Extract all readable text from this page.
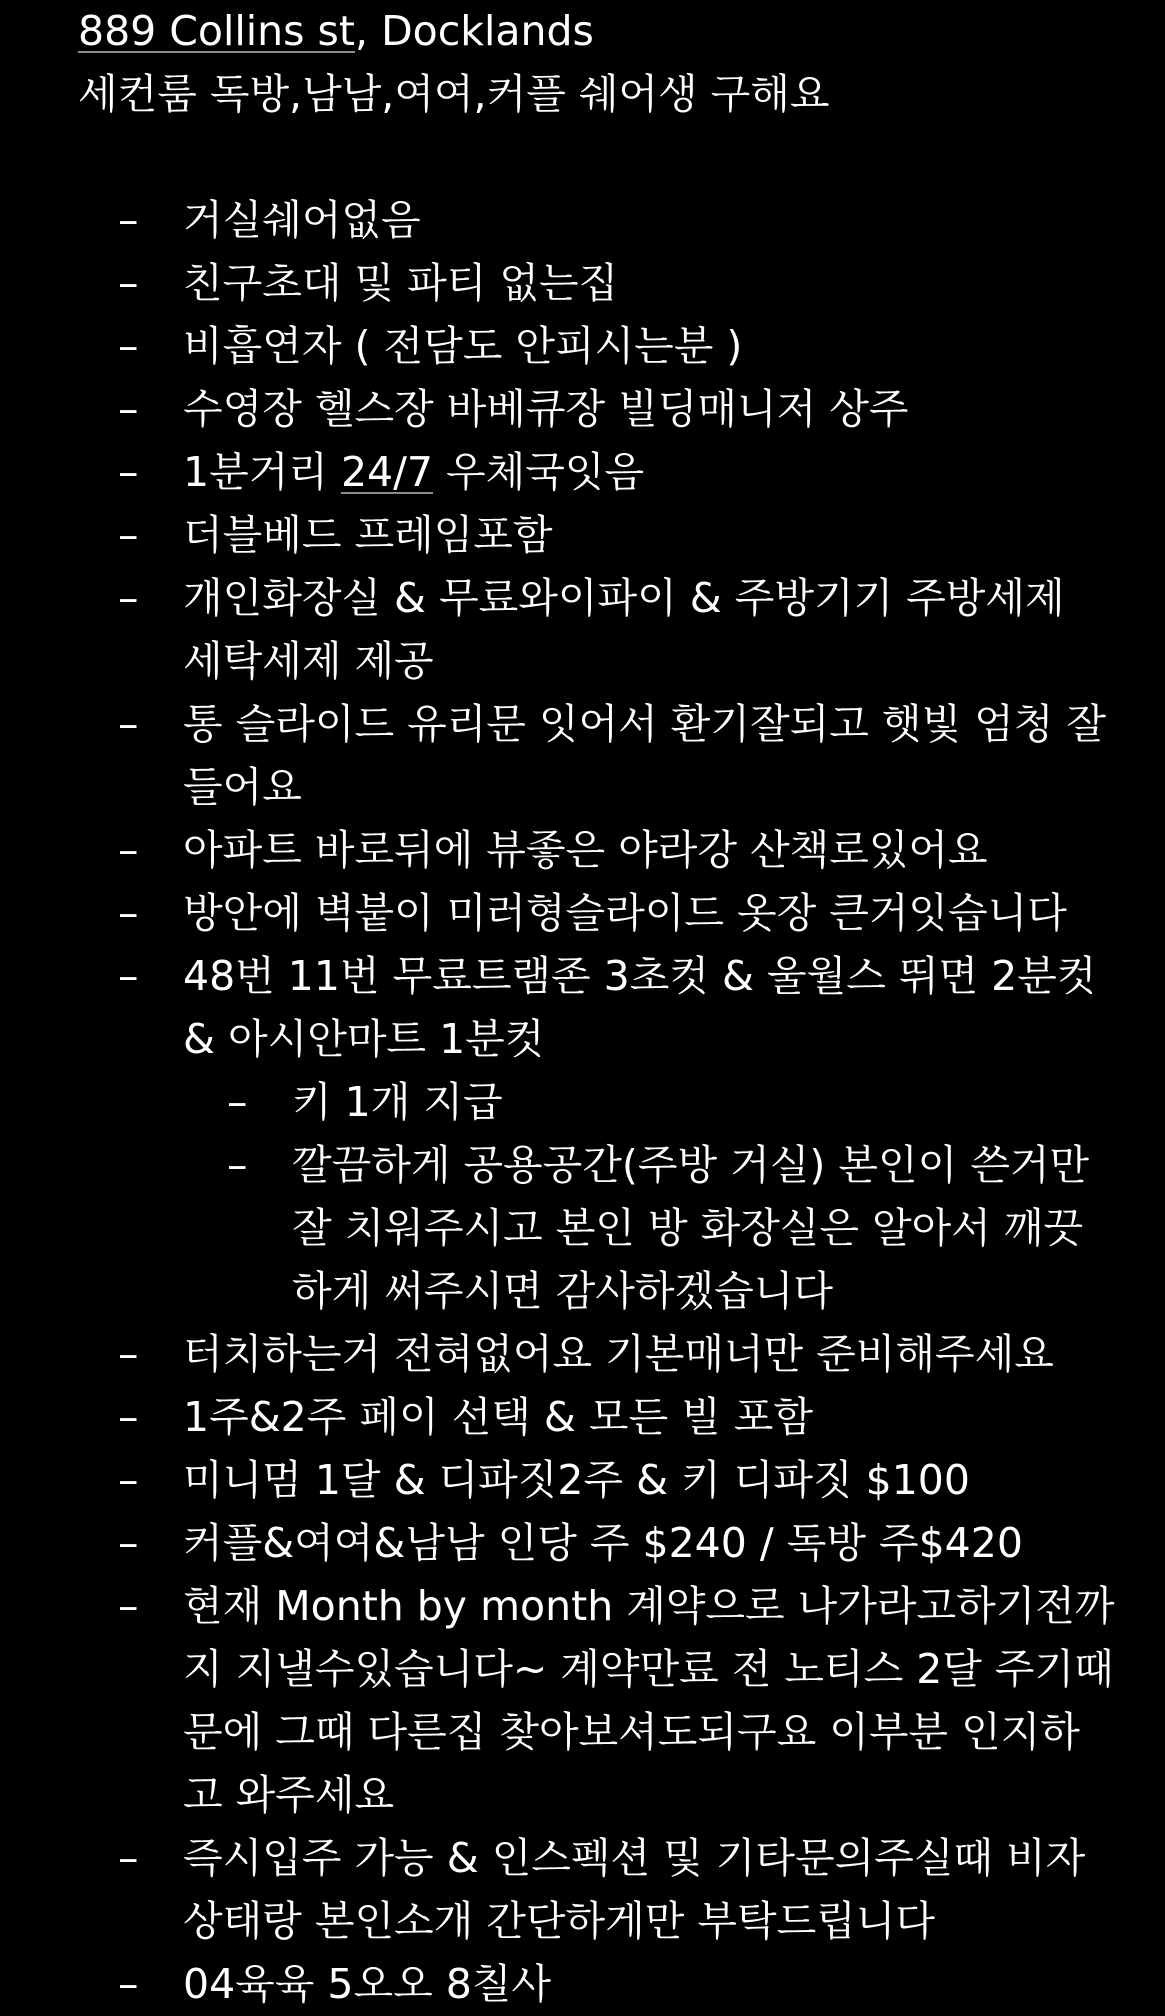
889 Collins st, Docklands

세컨룸 독방,남남,여여,커플 쉐어생 구해요

– 거실쉐어없음
– 친구초대 및 파티 없는집
– 비흡연자 ( 전담도 안피시는분 )
– 수영장 헬스장 바베큐장 빌딩매니저 상주
– 1분거리 24/7 우체국잇음
– 더블베드 프레임포함
– 개인화장실 & 무료와이파이 & 주방기기 주방세제 세탁세제 제공
– 통 슬라이드 유리문 잇어서 환기잘되고 햇빛 엄청 잘들어요
– 아파트 바로뒤에 뷰좋은 야라강 산책로있어요
– 방안에 벽붙이 미러형슬라이드 옷장 큰거잇습니다
– 48번 11번 무료트램존 3초컷 & 울월스 뛰면 2분컷 & 아시안마트 1분컷
– 키 1개 지급
– 깔끔하게 공용공간(주방 거실) 본인이 쓴거만 잘 치워주시고 본인 방 화장실은 알아서 깨끗하게 써주시면 감사하겠습니다
– 터치하는거 전혀없어요 기본매너만 준비해주세요
– 1주&2주 페이 선택 & 모든 빌 포함
– 미니멈 1달 & 디파짓2주 & 키 디파짓 $100
– 커플&여여&남남 인당 주 $240 / 독방 주$420
– 현재 Month by month 계약으로 나가라고하기전까지 지낼수있습니다~ 계약만료 전 노티스 2달 주기때문에 그때 다른집 찾아보셔도되구요 이부분 인지하고 와주세요
– 즉시입주 가능 & 인스펙션 및 기타문의주실때 비자상태랑 본인소개 간단하게만 부탁드립니다
– 04육육 5오오 8칠사
